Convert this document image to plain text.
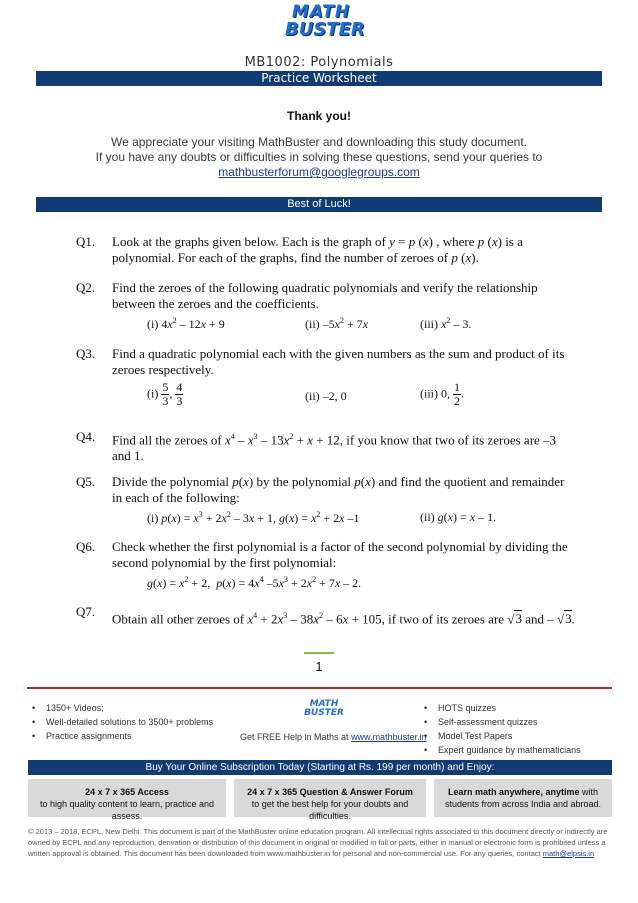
MATH
BUSTER
MB1002: Polynomials
Practice Worksheet
Thank you!
We appreciate your visiting MathBuster and downloading this study document.
If you have any doubts or difficulties in solving these questions, send your queries to
mathbusterforum@googlegroups.com
Best of Luck!
Q1. Look at the graphs given below. Each is the graph of y = p (x) , where p (x) is a polynomial. For each of the graphs, find the number of zeroes of p (x).
Q2. Find the zeroes of the following quadratic polynomials and verify the relationship between the zeroes and the coefficients.
(i) $4x^2 - 12x + 9$	(ii) $-5x^2 + 7x$	(iii) $x^2 - 3$.
Q3. Find a quadratic polynomial each with the given numbers as the sum and product of its zeroes respectively.
$(i) \frac{5}{3}$ , $\frac{4}{3}$	(ii) –2, 0	(iii) 0, $\frac{1}{2}$ .
Q4. Find all the zeroes of $x^4 - x^3 - 13x^2 + x + 12$, if you know that two of its zeroes are –3 and 1.
Q5. Divide the polynomial p(x) by the polynomial p(x) and find the quotient and remainder in each of the following:
(i) $p(x) = x^3 + 2x^2 - 3x + 1$, $g(x) = x^2 + 2x$ –1	(ii) g(x) = x – 1.
Q6. Check whether the first polynomial is a factor of the second polynomial by dividing the second polynomial by the first polynomial:
$g(x) = x^2 + 2$,  $p(x) = 4x^4$ $-5x^3 + 2x^2 + 7x - 2$.
Q7. Obtain all other zeroes of $x^4 + 2x^3 - 38x^2 - 6x + 105$, if two of its zeroes are √3 and – √3.
1
• 1350+ Videos;
• Well-detailed solutions to 3500+ problems
• Practice assignments
MATH
BUSTER
Get FREE Help in Maths at www.mathbuster.in
• HOTS quizzes
• Self-assessment quizzes
• Model Test Papers
• Expert guidance by mathematicians
Buy Your Online Subscription Today (Starting at Rs. 199 per month) and Enjoy:
24 x 7 x 365 Access
to high quality content to learn, practice and assess.
24 x 7 x 365 Question & Answer Forum
to get the best help for your doubts and difficulties.
Learn math anywhere, anytime with
students from across India and abroad.
© 2013 – 2018, ECPL, New Delhi. This document is part of the MathBuster online education program. All intellectual rights associated to this document directly or indirectly are owned by ECPL and any reproduction, derivation or distribution of this document in original or modified in full or parts, either in manual or electronic form is prohibited unless a written approval is obtained. This document has been downloaded from www.mathbuster.in for personal and non-commercial use. For any queries, contact math@elpsis.in
